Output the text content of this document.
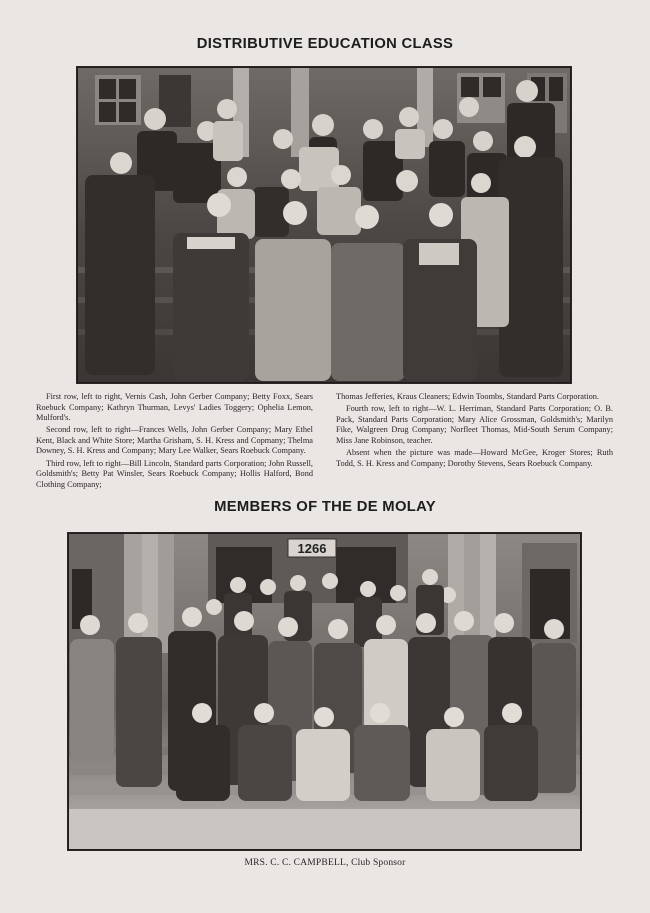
DISTRIBUTIVE EDUCATION CLASS

First row, left to right, Vernis Cash, John Gerber Company; Betty Foxx, Sears Roebuck Company; Kathryn Thurman, Levys' Ladies Toggery; Ophelia Lemon, Mulford's.

Second row, left to right—Frances Wells, John Gerber Company; Mary Ethel Kent, Black and White Store; Martha Grisham, S. H. Kress and Copmany; Thelma Downey, S. H. Kress and Company; Mary Lee Walker, Sears Roebuck Company.

Third row, left to right—Bill Lincoln, Standard parts Corporation; John Russell, Goldsmith's; Betty Pat Winsler, Sears Roebuck Company; Hollis Halford, Bond Clothing Company;

Thomas Jefferies, Kraus Cleaners; Edwin Toombs, Standard Parts Corporation.

Fourth row, left to right—W. L. Herriman, Standard Parts Corporation; O. B. Pack, Standard Parts Corporation; Mary Alice Grossman, Goldsmith's; Marilyn Fike, Walgreen Drug Company; Norfleet Thomas, Mid-South Serum Company; Miss Jane Robinson, teacher.

Absent when the picture was made—Howard McGee, Kroger Stores; Ruth Todd, S. H. Kress and Company; Dorothy Stevens, Sears Roebuck Company.

MEMBERS OF THE DE MOLAY
1266
MRS. C. C. CAMPBELL, Club Sponsor
